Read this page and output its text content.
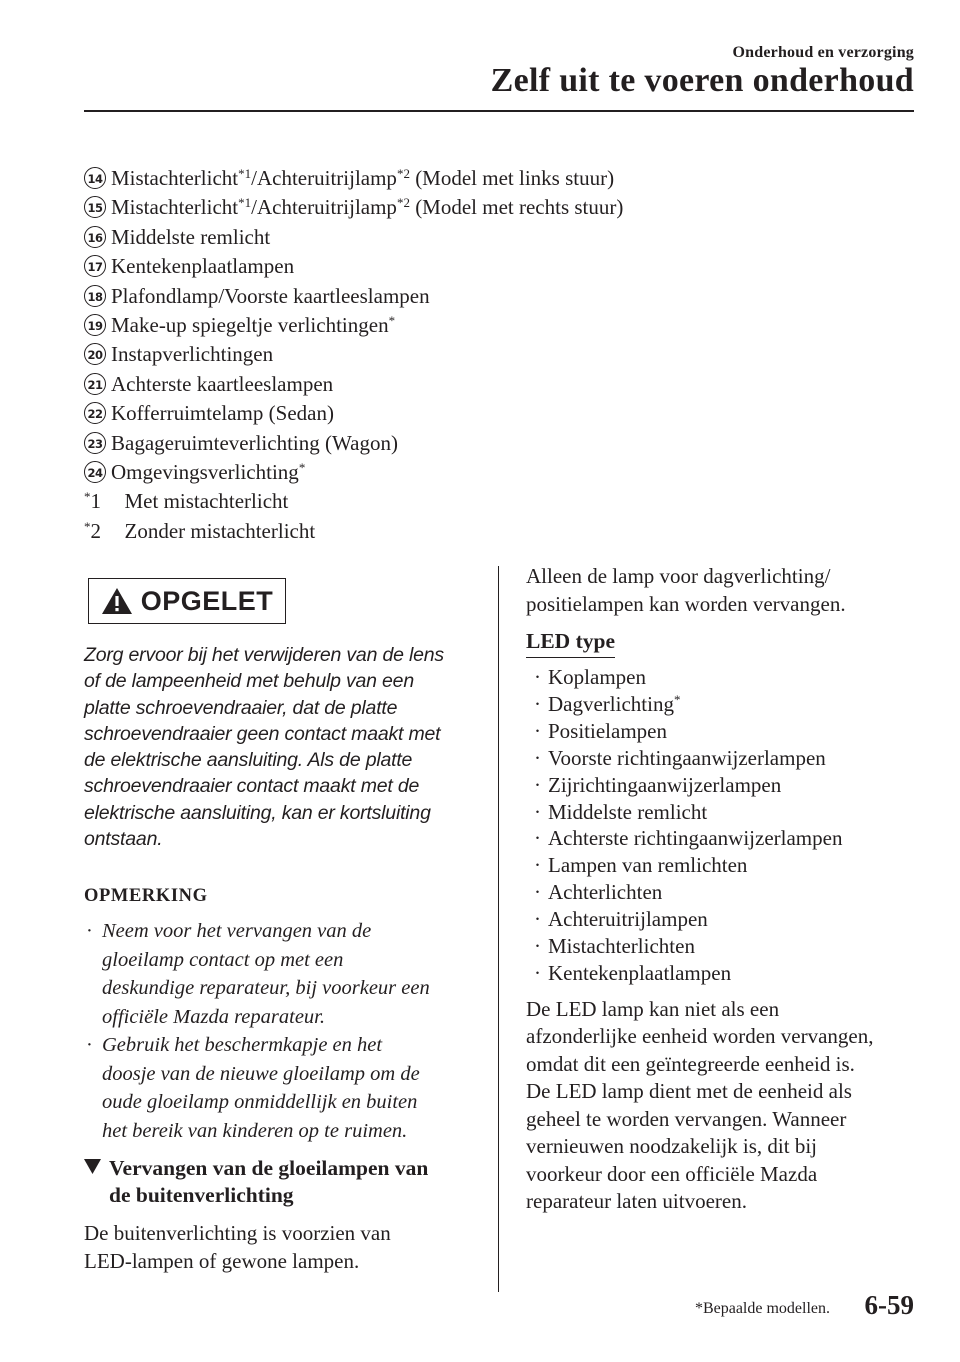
Onderhoud en verzorging
Zelf uit te voeren onderhoud
14 Mistachterlicht$^{*1}$/Achteruitrijlamp$^{*2}$ (Model met links stuur)
15 Mistachterlicht$^{*1}$/Achteruitrijlamp$^{*2}$ (Model met rechts stuur)
16 Middelste remlicht
17 Kentekenplaatlampen
18 Plafondlamp/Voorste kaartleeslampen
19 Make-up spiegeltje verlichtingen*
20 Instapverlichtingen
21 Achterste kaartleeslampen
22 Kofferruimtelamp (Sedan)
23 Bagageruimteverlichting (Wagon)
24 Omgevingsverlichting*
*1 Met mistachterlicht
*2 Zonder mistachterlicht
OPGELET
Zorg ervoor bij het verwijderen van de lens
of de lampeenheid met behulp van een
platte schroevendraaier, dat de platte
schroevendraaier geen contact maakt met
de elektrische aansluiting. Als de platte
schroevendraaier contact maakt met de
elektrische aansluiting, kan er kortsluiting
ontstaan.
OPMERKING
· Neem voor het vervangen van de
gloeilamp contact op met een
deskundige reparateur, bij voorkeur een
officiële Mazda reparateur.
· Gebruik het beschermkapje en het
doosje van de nieuwe gloeilamp om de
oude gloeilamp onmiddellijk en buiten
het bereik van kinderen op te ruimen.
Vervangen van de gloeilampen van
de buitenverlichting
De buitenverlichting is voorzien van
LED-lampen of gewone lampen.
Alleen de lamp voor dagverlichting/
positielampen kan worden vervangen.
LED type
· Koplampen
· Dagverlichting*
· Positielampen
· Voorste richtingaanwijzerlampen
· Zijrichtingaanwijzerlampen
· Middelste remlicht
· Achterste richtingaanwijzerlampen
· Lampen van remlichten
· Achterlichten
· Achteruitrijlampen
· Mistachterlichten
· Kentekenplaatlampen
De LED lamp kan niet als een
afzonderlijke eenheid worden vervangen,
omdat dit een geïntegreerde eenheid is.
De LED lamp dient met de eenheid als
geheel te worden vervangen. Wanneer
vernieuwen noodzakelijk is, dit bij
voorkeur door een officiële Mazda
reparateur laten uitvoeren.
*Bepaalde modellen. 6-59
